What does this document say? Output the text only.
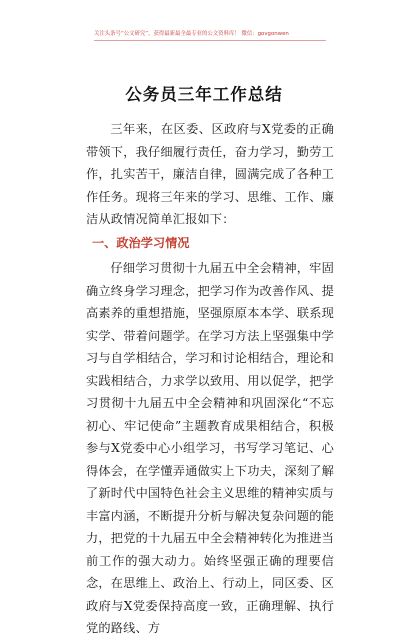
关注头条号“公文研究”，获得最新最全最专业的公文资料库！ 微信：govgonwen
公务员三年工作总结
三年来，在区委、区政府与X党委的正确带领下，我仔细履行责任，奋力学习，勤劳工作，扎实苦干，廉洁自律，圆满完成了各种工作任务。现将三年来的学习、思维、工作、廉洁从政情况简单汇报如下：
一、政治学习情况
仔细学习贯彻十九届五中全会精神，牢固确立终身学习理念，把学习作为改善作风、提高素养的重想措施，坚强原原本本学、联系现实学、带着问题学。在学习方法上坚强集中学习与自学相结合，学习和讨论相结合，理论和实践相结合，力求学以致用、用以促学，把学习贯彻十九届五中全会精神和巩固深化“不忘初心、牢记使命”主题教育成果相结合，积极参与X党委中心小组学习，书写学习笔记、心得体会，在学懂弄通做实上下功夫，深刻了解了新时代中国特色社会主义思维的精神实质与丰富内涵，不断提升分析与解决复杂问题的能力，把党的十九届五中全会精神转化为推进当前工作的强大动力。始终坚强正确的理要信念，在思维上、政治上、行动上，同区委、区政府与X党委保持高度一致，正确理解、执行党的路线、方
